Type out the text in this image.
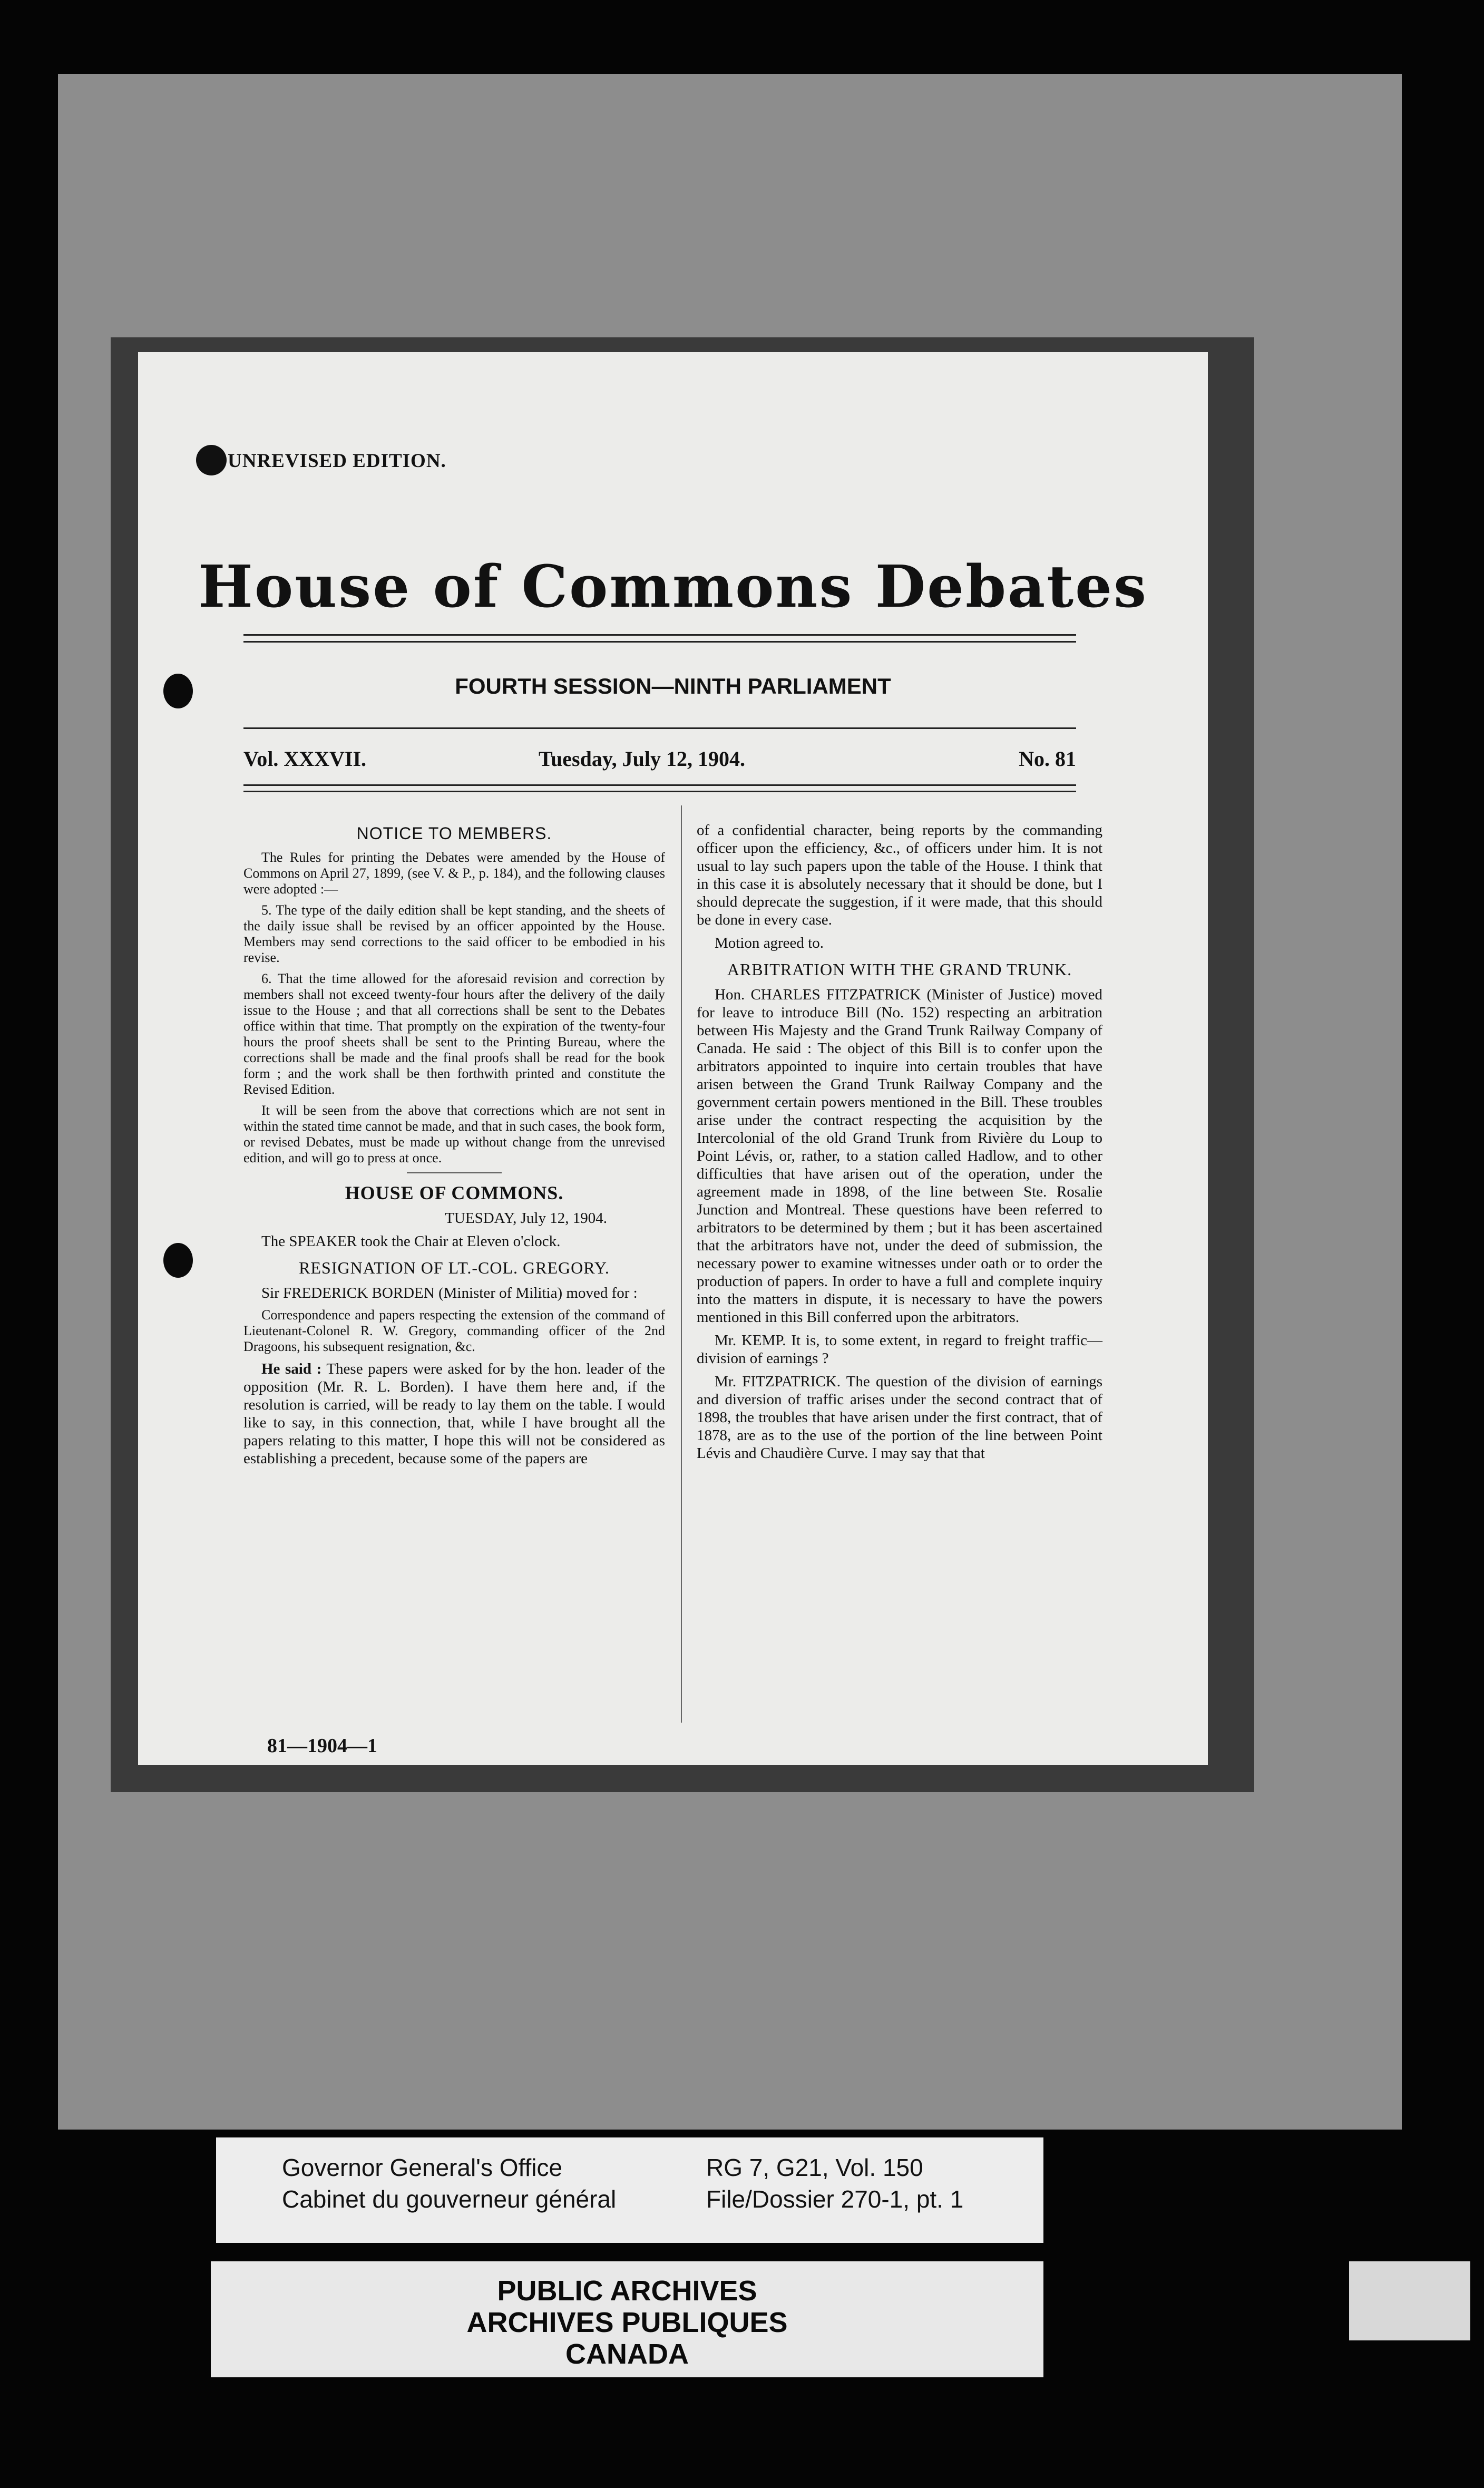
UNREVISED EDITION.
House of Commons Debates
FOURTH SESSION—NINTH PARLIAMENT
Vol. XXXVII.	Tuesday, July 12, 1904.	No. 81

NOTICE TO MEMBERS.

The Rules for printing the Debates were amended by the House of Commons on April 27, 1899, (see V. & P., p. 184), and the following clauses were adopted :—

5. The type of the daily edition shall be kept standing, and the sheets of the daily issue shall be revised by an officer appointed by the House. Members may send corrections to the said officer to be embodied in his revise.

6. That the time allowed for the aforesaid revision and correction by members shall not exceed twenty-four hours after the delivery of the daily issue to the House ; and that all corrections shall be sent to the Debates office within that time. That promptly on the expiration of the twenty-four hours the proof sheets shall be sent to the Printing Bureau, where the corrections shall be made and the final proofs shall be read for the book form ; and the work shall be then forthwith printed and constitute the Revised Edition.

It will be seen from the above that corrections which are not sent in within the stated time cannot be made, and that in such cases, the book form, or revised Debates, must be made up without change from the unrevised edition, and will go to press at once.

HOUSE OF COMMONS.

TUESDAY, July 12, 1904.

The SPEAKER took the Chair at Eleven o'clock.

RESIGNATION OF LT.-COL. GREGORY.

Sir FREDERICK BORDEN (Minister of Militia) moved for :

Correspondence and papers respecting the extension of the command of Lieutenant-Colonel R. W. Gregory, commanding officer of the 2nd Dragoons, his subsequent resignation, &c.

He said : These papers were asked for by the hon. leader of the opposition (Mr. R. L. Borden). I have them here and, if the resolution is carried, will be ready to lay them on the table. I would like to say, in this connection, that, while I have brought all the papers relating to this matter, I hope this will not be considered as establishing a precedent, because some of the papers are

of a confidential character, being reports by the commanding officer upon the efficiency, &c., of officers under him. It is not usual to lay such papers upon the table of the House. I think that in this case it is absolutely necessary that it should be done, but I should deprecate the suggestion, if it were made, that this should be done in every case.

Motion agreed to.

ARBITRATION WITH THE GRAND TRUNK.

Hon. CHARLES FITZPATRICK (Minister of Justice) moved for leave to introduce Bill (No. 152) respecting an arbitration between His Majesty and the Grand Trunk Railway Company of Canada. He said : The object of this Bill is to confer upon the arbitrators appointed to inquire into certain troubles that have arisen between the Grand Trunk Railway Company and the government certain powers mentioned in the Bill. These troubles arise under the contract respecting the acquisition by the Intercolonial of the old Grand Trunk from Rivière du Loup to Point Lévis, or, rather, to a station called Hadlow, and to other difficulties that have arisen out of the operation, under the agreement made in 1898, of the line between Ste. Rosalie Junction and Montreal. These questions have been referred to arbitrators to be determined by them ; but it has been ascertained that the arbitrators have not, under the deed of submission, the necessary power to examine witnesses under oath or to order the production of papers. In order to have a full and complete inquiry into the matters in dispute, it is necessary to have the powers mentioned in this Bill conferred upon the arbitrators.

Mr. KEMP. It is, to some extent, in regard to freight traffic—division of earnings ?

Mr. FITZPATRICK. The question of the division of earnings and diversion of traffic arises under the second contract that of 1898, the troubles that have arisen under the first contract, that of 1878, are as to the use of the portion of the line between Point Lévis and Chaudière Curve. I may say that that

81—1904—1
Governor General's Office
Cabinet du gouverneur général
RG 7, G21, Vol. 150
File/Dossier 270-1, pt. 1
PUBLIC ARCHIVES
ARCHIVES PUBLIQUES
CANADA
